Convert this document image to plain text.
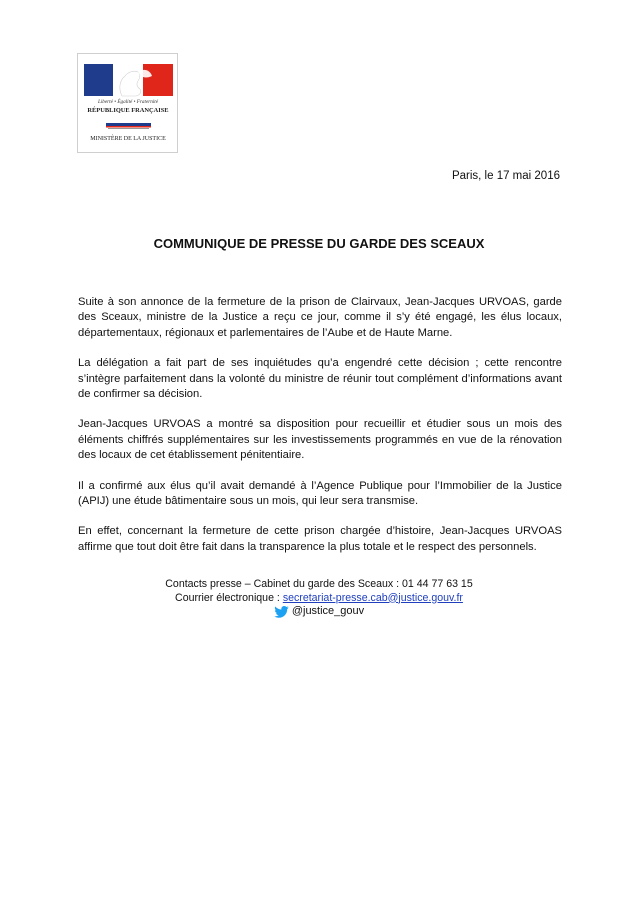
Liberté • Égalité • Fraternité
RÉPUBLIQUE FRANÇAISE
MINISTÈRE DE LA JUSTICE
Paris, le 17 mai 2016
COMMUNIQUE DE PRESSE DU GARDE DES SCEAUX

Suite à son annonce de la fermeture de la prison de Clairvaux, Jean-Jacques URVOAS, garde des Sceaux, ministre de la Justice a reçu ce jour, comme il s’y été engagé, les élus locaux, départementaux, régionaux et parlementaires de l’Aube et de Haute Marne.

La délégation a fait part de ses inquiétudes qu’a engendré cette décision ; cette rencontre s’intègre parfaitement dans la volonté du ministre de réunir tout complément d’informations avant de confirmer sa décision.

Jean-Jacques URVOAS a montré sa disposition pour recueillir et étudier sous un mois des éléments chiffrés supplémentaires sur les investissements programmés en vue de la rénovation des locaux de cet établissement pénitentiaire.

Il a confirmé aux élus qu’il avait demandé à l’Agence Publique pour l’Immobilier de la Justice (APIJ) une étude bâtimentaire sous un mois, qui leur sera transmise.

En effet, concernant la fermeture de cette prison chargée d’histoire, Jean-Jacques URVOAS affirme que tout doit être fait dans la transparence la plus totale et le respect des personnels.

Contacts presse – Cabinet du garde des Sceaux : 01 44 77 63 15
Courrier électronique : secretariat-presse.cab@justice.gouv.fr
@justice_gouv
